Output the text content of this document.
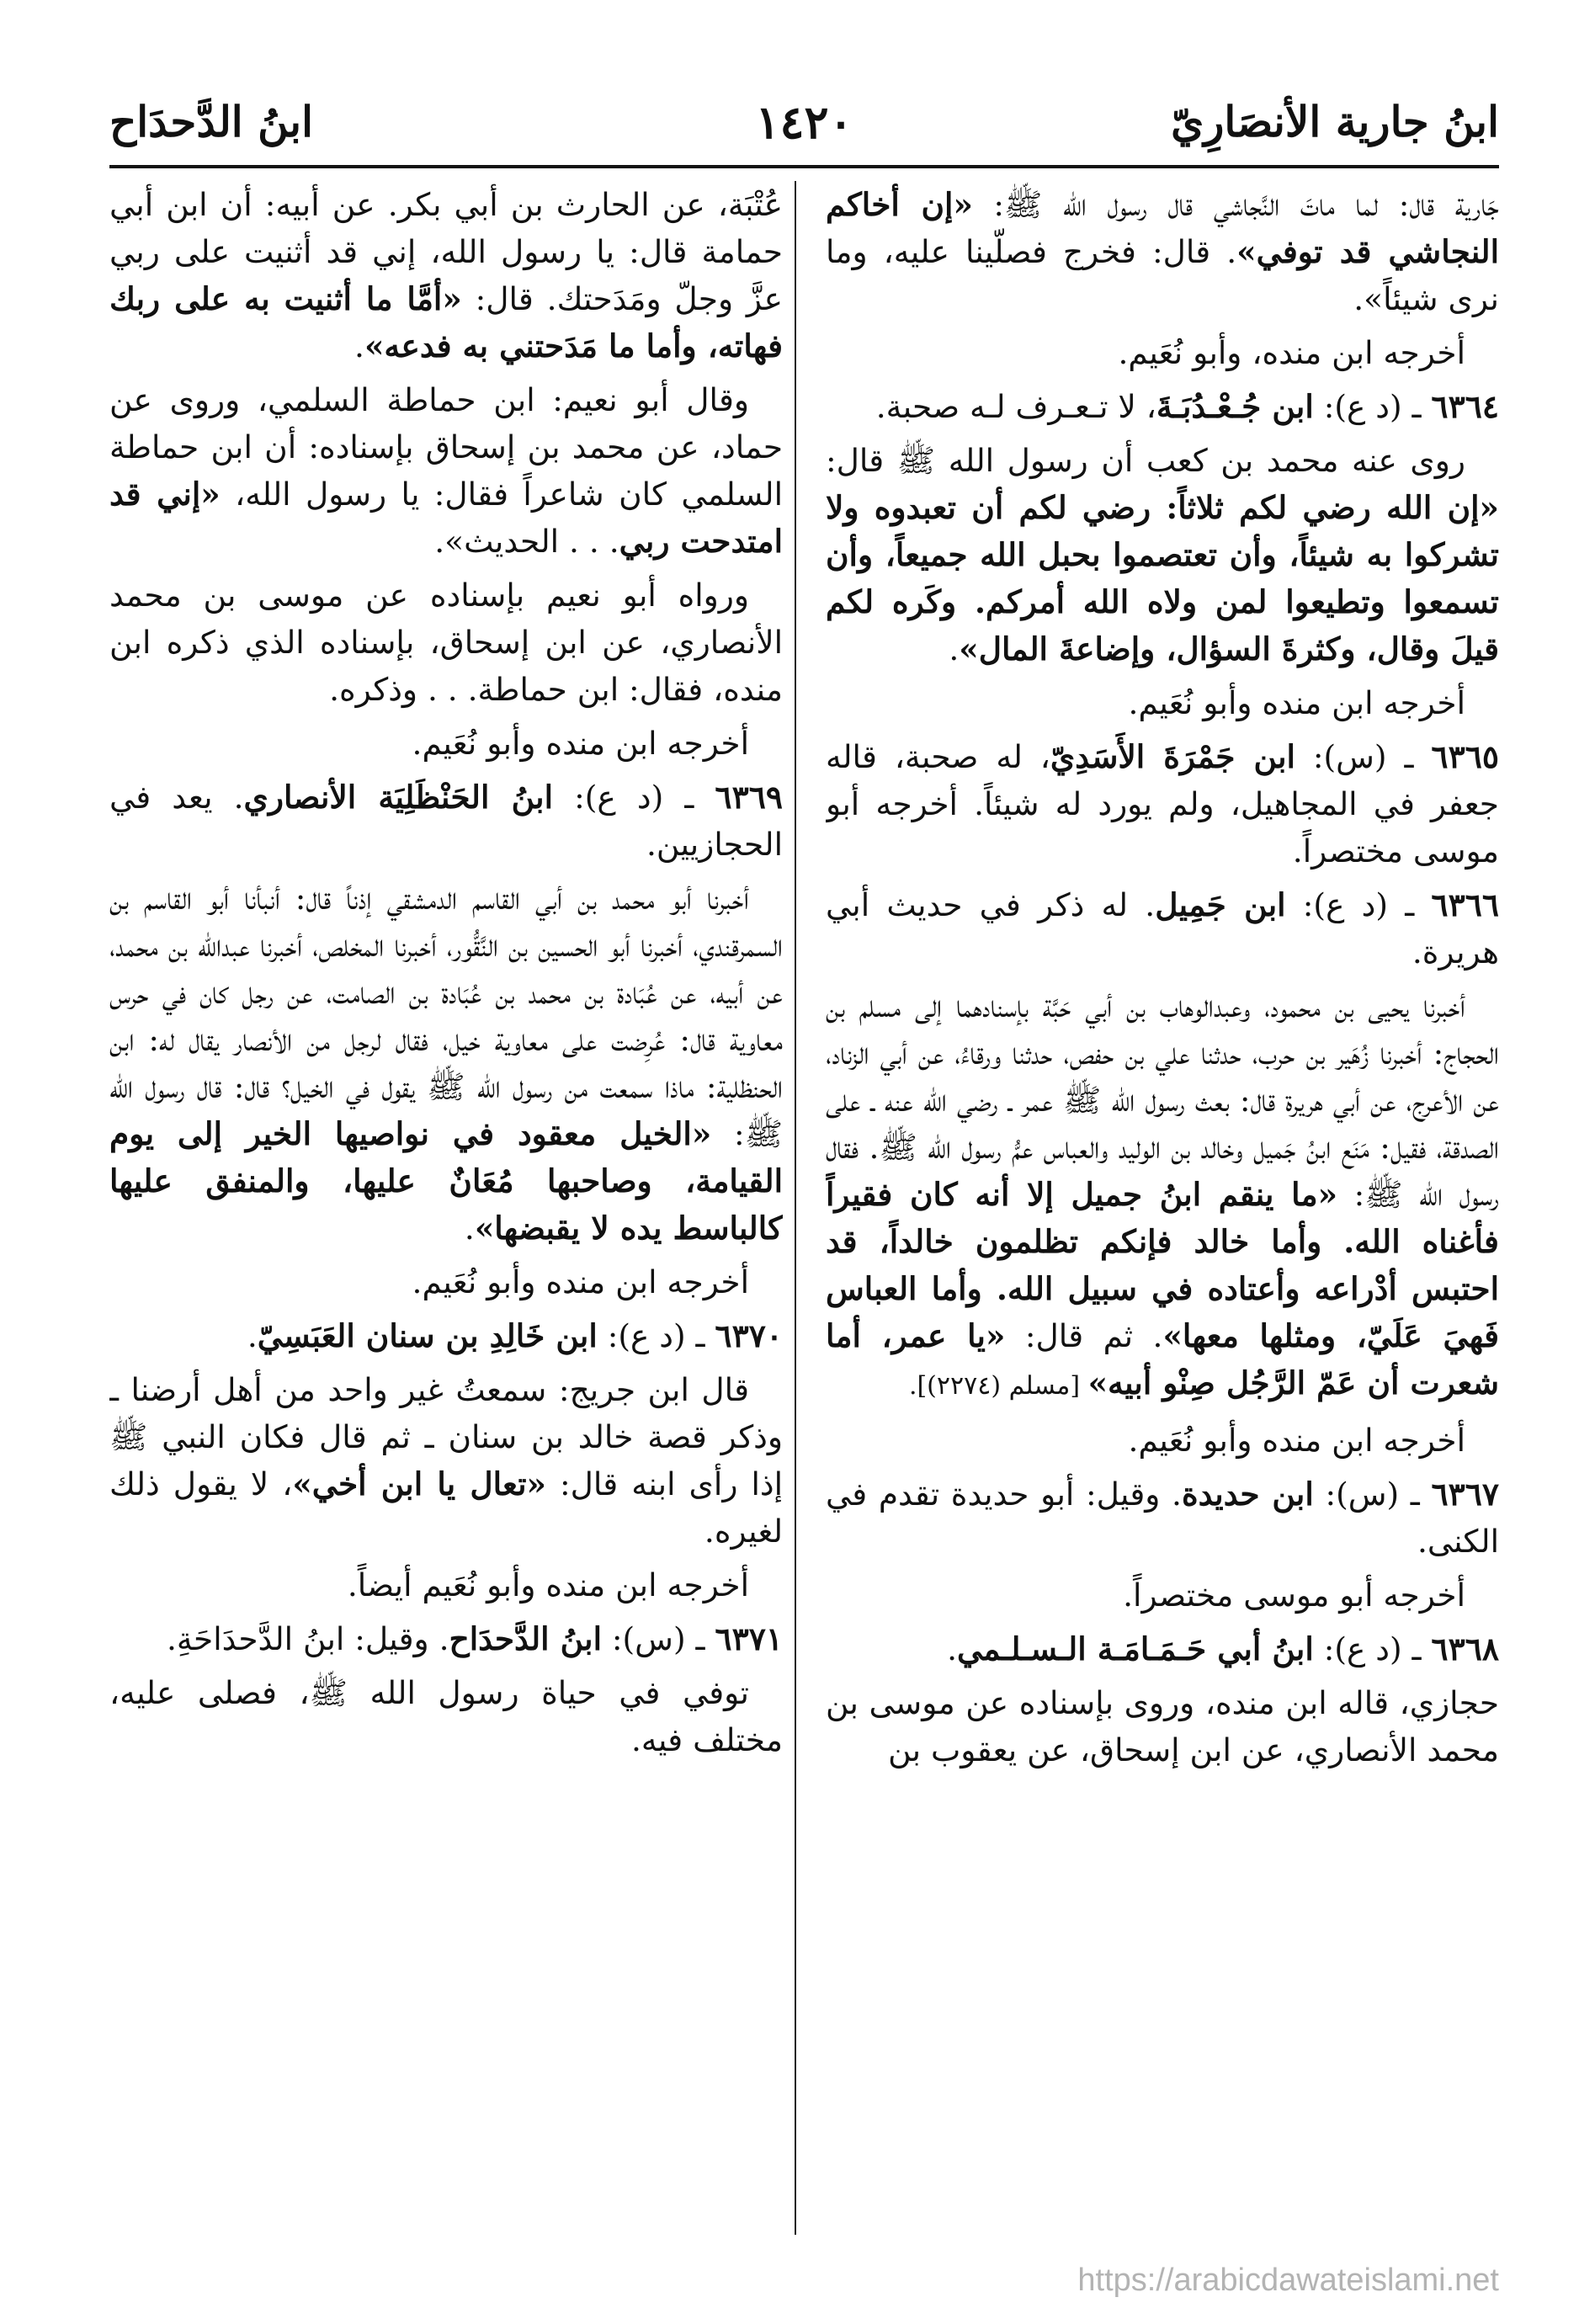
ابنُ جارية الأنصَارِيّ
١٤٢٠
ابنُ الدَّحدَاح

جَارية قال: لما ماتَ النَّجاشي قال رسول الله ﷺ: «إن أخاكم النجاشي قد توفي». قال: فخرج فصلّينا عليه، وما نرى شيئاً».

أخرجه ابن منده، وأبو نُعَيم.

٦٣٦٤ ـ (د ع): ابن جُـعْـدُبَـةَ، لا تـعـرف لـه صحبة.

روى عنه محمد بن كعب أن رسول الله ﷺ قال: «إن الله رضي لكم ثلاثاً: رضي لكم أن تعبدوه ولا تشركوا به شيئاً، وأن تعتصموا بحبل الله جميعاً، وأن تسمعوا وتطيعوا لمن ولاه الله أمركم. وكَره لكم قيلَ وقال، وكثرةَ السؤال، وإضاعةَ المال».

أخرجه ابن منده وأبو نُعَيم.

٦٣٦٥ ـ (س): ابن جَمْرَةَ الأَسَدِيّ، له صحبة، قاله جعفر في المجاهيل، ولم يورد له شيئاً. أخرجه أبو موسى مختصراً.

٦٣٦٦ ـ (د ع): ابن جَمِيل. له ذكر في حديث أبي هريرة.

أخبرنا يحيى بن محمود، وعبدالوهاب بن أبي حَبَّة بإسنادهما إلى مسلم بن الحجاج: أخبرنا زُهَير بن حرب، حدثنا علي بن حفص، حدثنا ورقاءُ، عن أبي الزناد، عن الأعرج، عن أبي هريرة قال: بعث رسول الله ﷺ عمر ـ رضي الله عنه ـ على الصدقة، فقيل: مَنَع ابنُ جَميل وخالد بن الوليد والعباس عمُّ رسول الله ﷺ. فقال رسول الله ﷺ: «ما ينقم ابنُ جميل إلا أنه كان فقيراً فأغناه الله. وأما خالد فإنكم تظلمون خالداً، قد احتبس أدْراعه وأعتاده في سبيل الله. وأما العباس فَهيَ عَلَيّ، ومثلها معها». ثم قال: «يا عمر، أما شعرت أن عَمّ الرَّجُل صِنْو أبيه» [مسلم (٢٢٧٤)].

أخرجه ابن منده وأبو نُعَيم.

٦٣٦٧ ـ (س): ابن حديدة. وقيل: أبو حديدة تقدم في الكنى.

أخرجه أبو موسى مختصراً.

٦٣٦٨ ـ (د ع): ابنُ أبي حَـمَـامَـة الـسـلـمي.

حجازي، قاله ابن منده، وروى بإسناده عن موسى بن محمد الأنصاري، عن ابن إسحاق، عن يعقوب بن

عُتْبَة، عن الحارث بن أبي بكر. عن أبيه: أن ابن أبي حمامة قال: يا رسول الله، إني قد أثنيت على ربي عزَّ وجلّ ومَدَحتك. قال: «أمَّا ما أثنيت به على ربك فهاته، وأما ما مَدَحتني به فدعه».

وقال أبو نعيم: ابن حماطة السلمي، وروى عن حماد، عن محمد بن إسحاق بإسناده: أن ابن حماطة السلمي كان شاعراً فقال: يا رسول الله، «إني قد امتدحت ربي. . . الحديث».

ورواه أبو نعيم بإسناده عن موسى بن محمد الأنصاري، عن ابن إسحاق، بإسناده الذي ذكره ابن منده، فقال: ابن حماطة. . . وذكره.

أخرجه ابن منده وأبو نُعَيم.

٦٣٦٩ ـ (د ع): ابنُ الحَنْظَلِيَة الأنصاري. يعد في الحجازيين.

أخبرنا أبو محمد بن أبي القاسم الدمشقي إذناً قال: أنبأنا أبو القاسم بن السمرقندي، أخبرنا أبو الحسين بن النَّقُّور، أخبرنا المخلص، أخبرنا عبدالله بن محمد، عن أبيه، عن عُبَادة بن محمد بن عُبَادة بن الصامت، عن رجل كان في حرس معاوية قال: عُرِضت على معاوية خيل، فقال لرجل من الأنصار يقال له: ابن الحنظلية: ماذا سمعت من رسول الله ﷺ يقول في الخيل؟ قال: قال رسول الله ﷺ: «الخيل معقود في نواصيها الخير إلى يوم القيامة، وصاحبها مُعَانٌ عليها، والمنفق عليها كالباسط يده لا يقبضها».

أخرجه ابن منده وأبو نُعَيم.

٦٣٧٠ ـ (د ع): ابن خَالِدِ بن سنان العَبَسِيّ.

قال ابن جريج: سمعتُ غير واحد من أهل أرضنا ـ وذكر قصة خالد بن سنان ـ ثم قال فكان النبي ﷺ إذا رأى ابنه قال: «تعال يا ابن أخي»، لا يقول ذلك لغيره.

أخرجه ابن منده وأبو نُعَيم أيضاً.

٦٣٧١ ـ (س): ابنُ الدَّحدَاح. وقيل: ابنُ الدَّحدَاحَةِ.

توفي في حياة رسول الله ﷺ، فصلى عليه، مختلف فيه.

https://arabicdawateislami.net
